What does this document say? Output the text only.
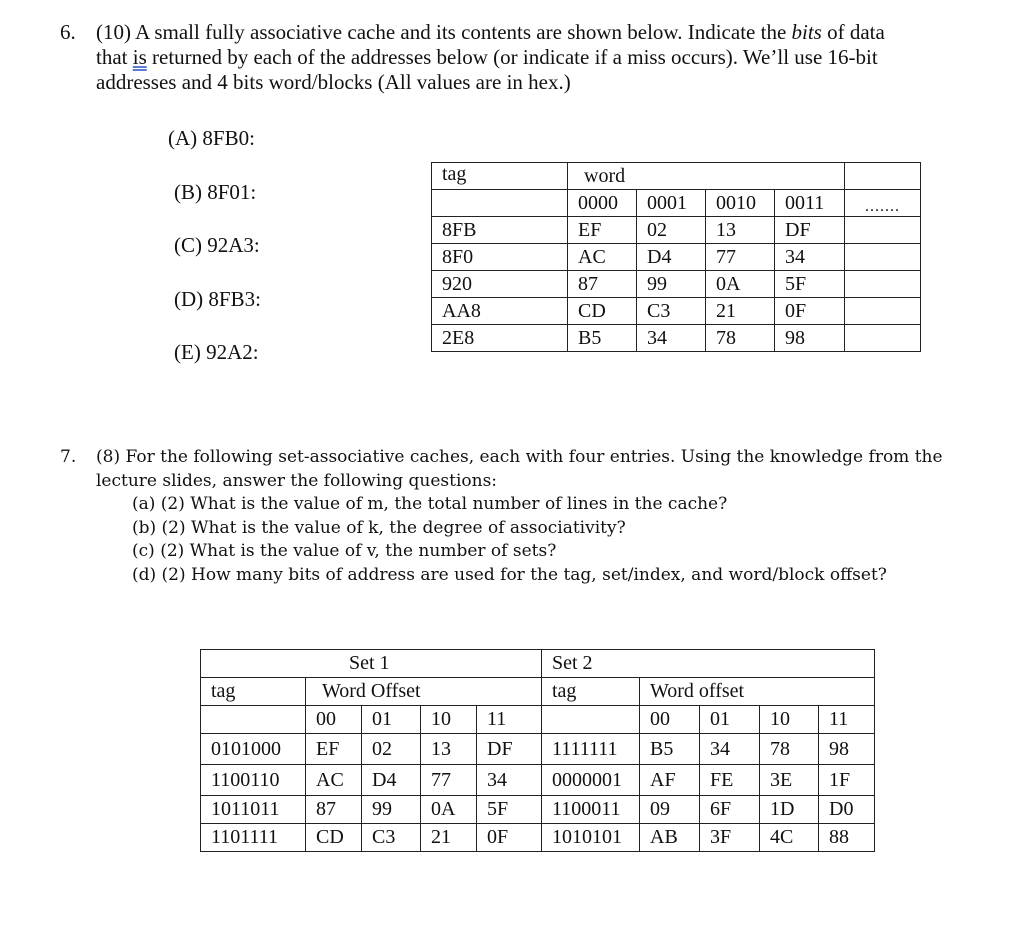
6. (10) A small fully associative cache and its contents are shown below. Indicate the bits of data
that is returned by each of the addresses below (or indicate if a miss occurs). We’ll use 16-bit
addresses and 4 bits word/blocks (All values are in hex.)
(A) 8FB0:
(B) 8F01:
(C) 92A3:
(D) 8FB3:
(E) 92A2:
tag	word				
	0000	0001	0010	0011	.......
8FB	EF	02	13	DF	
8F0	AC	D4	77	34	
920	87	99	0A	5F	
AA8	CD	C3	21	0F	
2E8	B5	34	78	98	
7. (8) For the following set-associative caches, each with four entries. Using the knowledge from the
lecture slides, answer the following questions:
(a) (2) What is the value of m, the total number of lines in the cache?
(b) (2) What is the value of k, the degree of associativity?
(c) (2) What is the value of v, the number of sets?
(d) (2) How many bits of address are used for the tag, set/index, and word/block offset?
Set 1					Set 2				
tag	Word Offset				tag	Word offset			
	00	01	10	11		00	01	10	11
0101000	EF	02	13	DF	1111111	B5	34	78	98
1100110	AC	D4	77	34	0000001	AF	FE	3E	1F
1011011	87	99	0A	5F	1100011	09	6F	1D	D0
1101111	CD	C3	21	0F	1010101	AB	3F	4C	88
